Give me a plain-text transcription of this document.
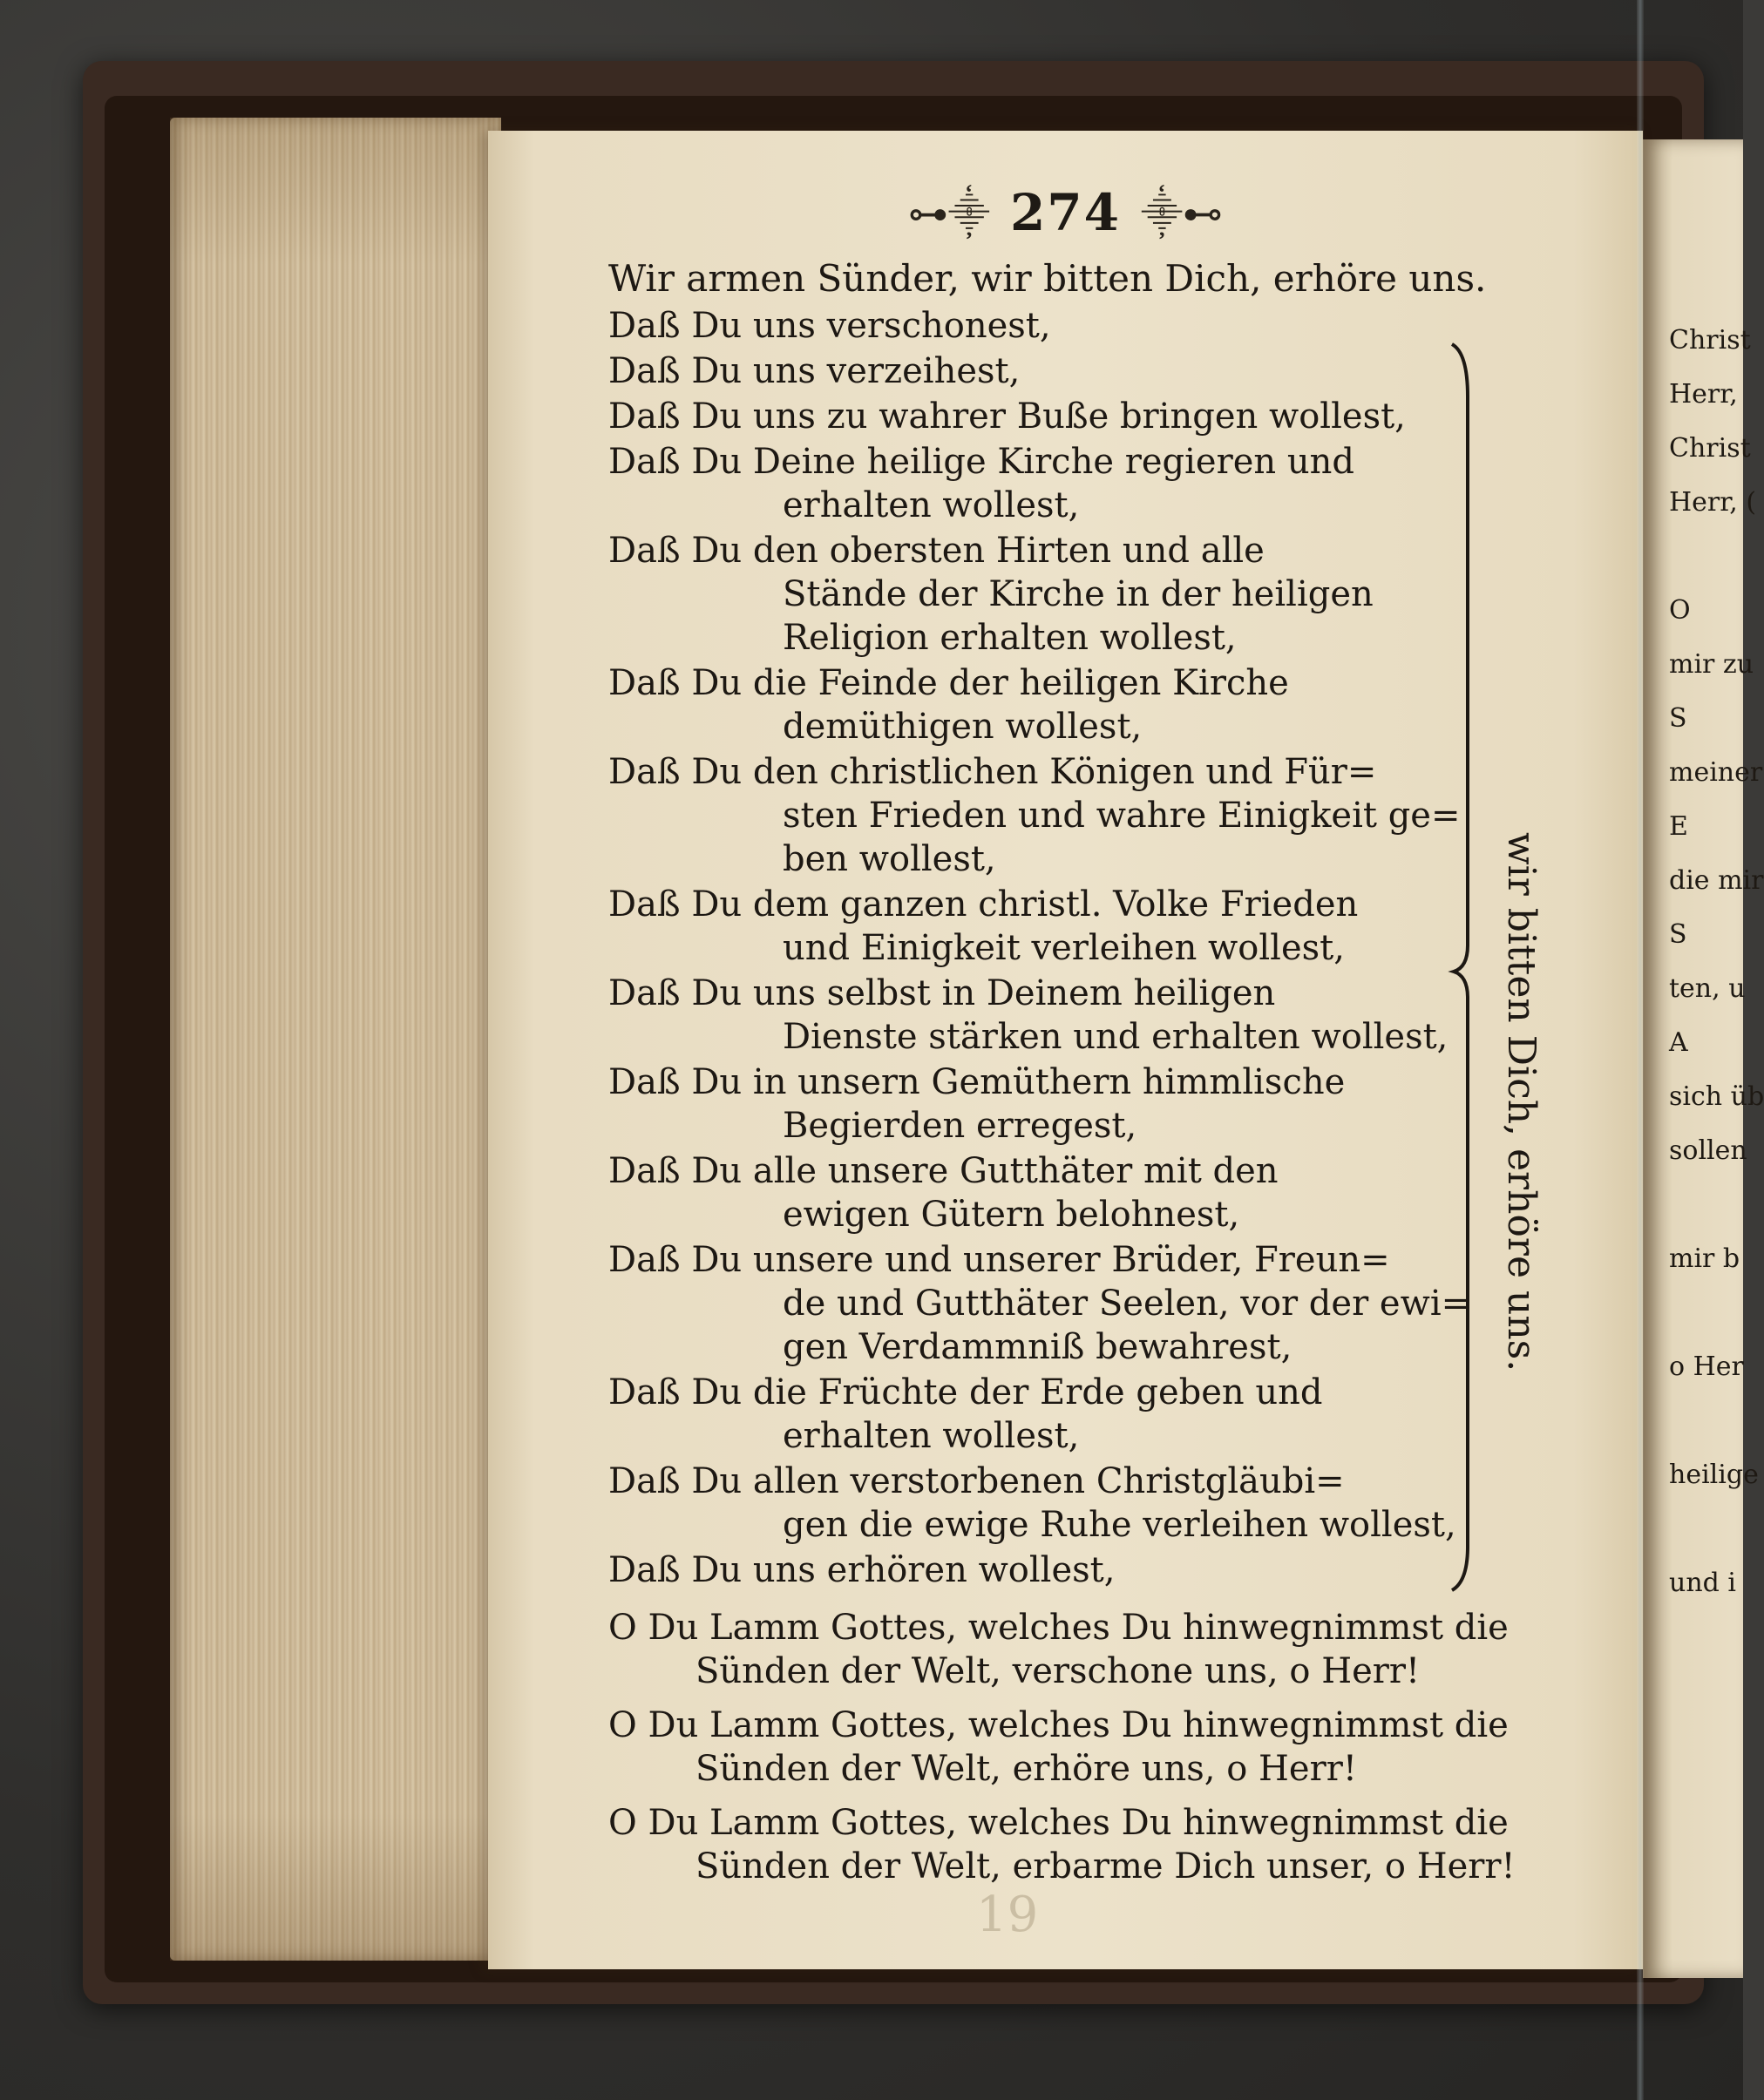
⊶⸎ 274 ⸎⊷
Wir armen Sünder, wir bitten Dich, erhöre uns.
Daß Du uns verschonest,
Daß Du uns verzeihest,
Daß Du uns zu wahrer Buße bringen wollest,
Daß Du Deine heilige Kirche regieren und
erhalten wollest,
Daß Du den obersten Hirten und alle
Stände der Kirche in der heiligen
Religion erhalten wollest,
Daß Du die Feinde der heiligen Kirche
demüthigen wollest,
Daß Du den christlichen Königen und Für=
sten Frieden und wahre Einigkeit ge=
ben wollest,
Daß Du dem ganzen christl. Volke Frieden
und Einigkeit verleihen wollest,
Daß Du uns selbst in Deinem heiligen
Dienste stärken und erhalten wollest,
Daß Du in unsern Gemüthern himmlische
Begierden erregest,
Daß Du alle unsere Gutthäter mit den
ewigen Gütern belohnest,
Daß Du unsere und unserer Brüder, Freun=
de und Gutthäter Seelen, vor der ewi=
gen Verdammniß bewahrest,
Daß Du die Früchte der Erde geben und
erhalten wollest,
Daß Du allen verstorbenen Christgläubi=
gen die ewige Ruhe verleihen wollest,
Daß Du uns erhören wollest,
O Du Lamm Gottes, welches Du hinwegnimmst die
Sünden der Welt, verschone uns, o Herr!
O Du Lamm Gottes, welches Du hinwegnimmst die
Sünden der Welt, erhöre uns, o Herr!
O Du Lamm Gottes, welches Du hinwegnimmst die
Sünden der Welt, erbarme Dich unser, o Herr!
wir bitten Dich, erhöre uns.
19
Christ
Herr,
Christ
Herr, (

O
mir zu
S
meiner
E
die mir
S
ten, u
A
sich üb
sollen

mir b

o Her

heilige

und i
